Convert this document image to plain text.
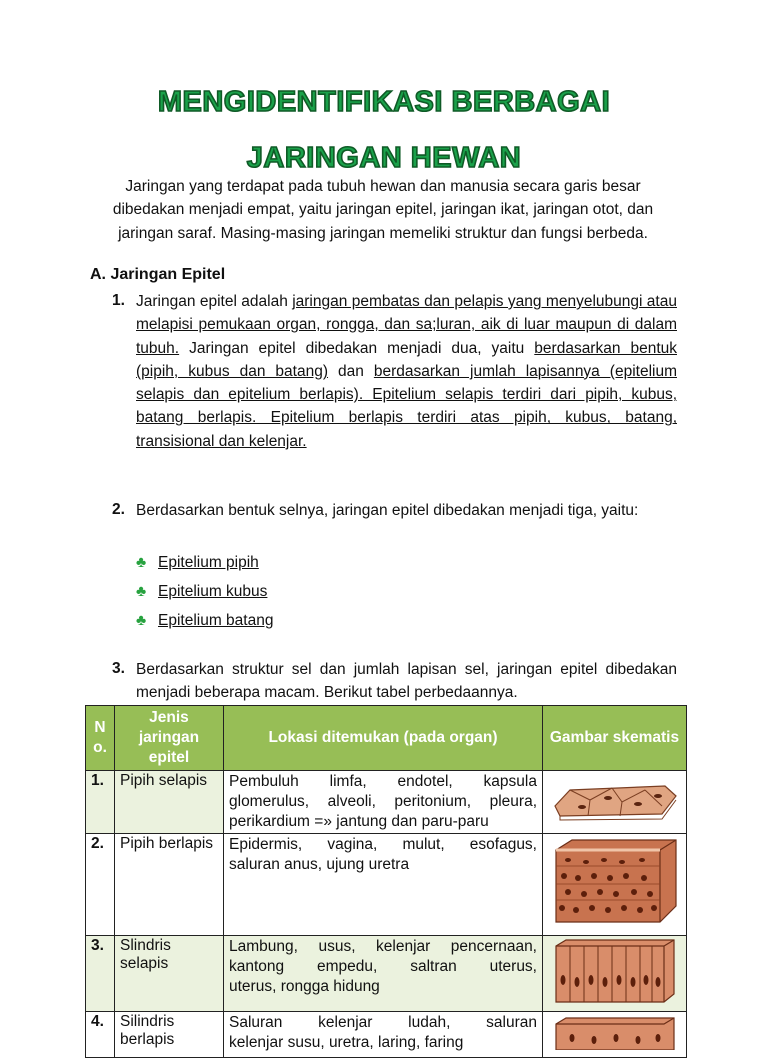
MENGIDENTIFIKASI BERBAGAI
JARINGAN HEWAN
Jaringan yang terdapat pada tubuh hewan dan manusia secara garis besar dibedakan menjadi empat, yaitu jaringan epitel, jaringan ikat, jaringan otot, dan jaringan saraf. Masing-masing jaringan memeliki struktur dan fungsi berbeda.
A. Jaringan Epitel
1. Jaringan epitel adalah jaringan pembatas dan pelapis yang menyelubungi atau melapisi pemukaan organ, rongga, dan sa;luran, aik di luar maupun di dalam tubuh. Jaringan epitel dibedakan menjadi dua, yaitu berdasarkan bentuk (pipih, kubus dan batang) dan berdasarkan jumlah lapisannya (epitelium selapis dan epitelium berlapis). Epitelium selapis terdiri dari pipih, kubus, batang berlapis. Epitelium berlapis terdiri atas pipih, kubus, batang, transisional dan kelenjar.
2. Berdasarkan bentuk selnya, jaringan epitel dibedakan menjadi tiga, yaitu:
♣ Epitelium pipih
♣ Epitelium kubus
♣ Epitelium batang
3. Berdasarkan struktur sel dan jumlah lapisan sel, jaringan epitel dibedakan menjadi beberapa macam. Berikut tabel perbedaannya.
N o.	Jenis jaringan epitel	Lokasi ditemukan (pada organ)	Gambar skematis
1.	Pipih selapis	Pembuluh limfa, endotel, kapsula glomerulus, alveoli, peritonium, pleura,
perikardium =» jantung dan paru-paru

2.	Pipih berlapis	Epidermis, vagina, mulut, esofagus,
saluran anus, ujung uretra

3.	Slindris selapis	Lambung, usus, kelenjar pencernaan, kantong empedu, saltran uterus,
uterus, rongga hidung

4.	Silindris berlapis	Saluran kelenjar ludah, saluran
kelenjar susu, uretra, laring, faring
